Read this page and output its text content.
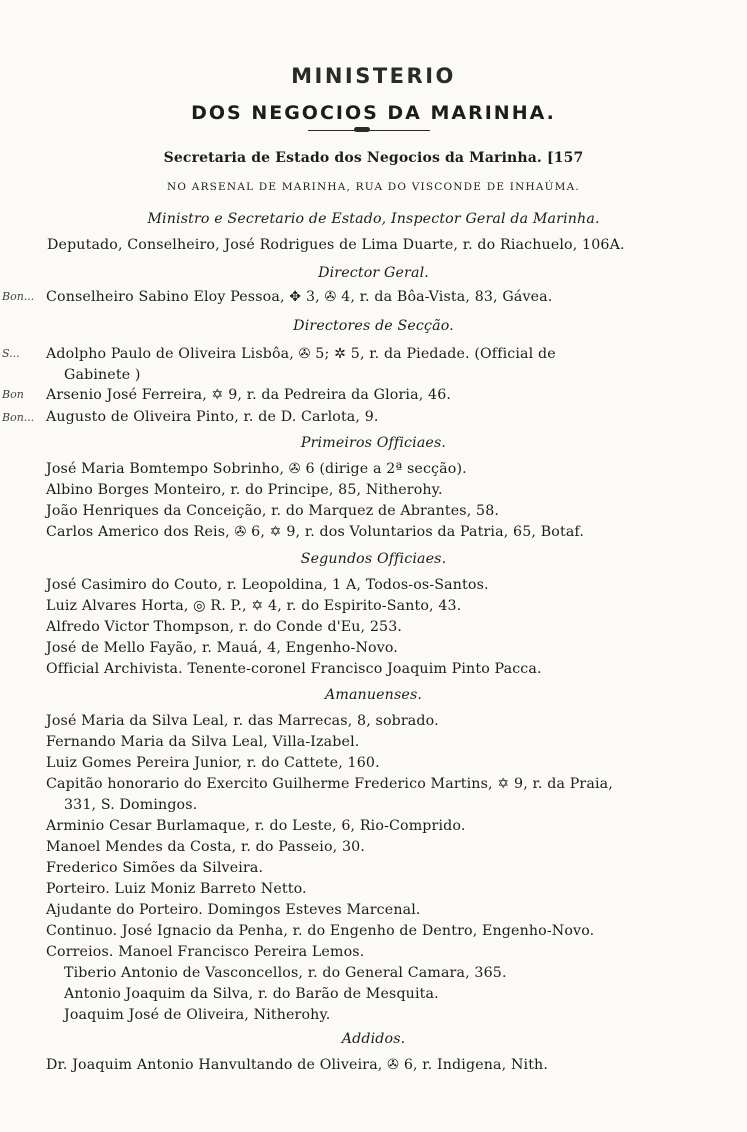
MINISTERIO
DOS NEGOCIOS DA MARINHA.
Secretaria de Estado dos Negocios da Marinha. [157
NO ARSENAL DE MARINHA, RUA DO VISCONDE DE INHAÚMA.
Ministro e Secretario de Estado, Inspector Geral da Marinha.
Deputado, Conselheiro, José Rodrigues de Lima Duarte, r. do Riachuelo, 106A.
Director Geral.
Bon... Conselheiro Sabino Eloy Pessoa, ✥ 3, ✇ 4, r. da Bôa-Vista, 83, Gávea.
Directores de Secção.
S... Adolpho Paulo de Oliveira Lisbôa, ✇ 5; ✲ 5, r. da Piedade. (Official de
Gabinete )
Bon Arsenio José Ferreira, ✡ 9, r. da Pedreira da Gloria, 46.
Bon... Augusto de Oliveira Pinto, r. de D. Carlota, 9.
Primeiros Officiaes.
José Maria Bomtempo Sobrinho, ✇ 6 (dirige a 2ª secção).
Albino Borges Monteiro, r. do Principe, 85, Nitherohy.
João Henriques da Conceição, r. do Marquez de Abrantes, 58.
Carlos Americo dos Reis, ✇ 6, ✡ 9, r. dos Voluntarios da Patria, 65, Botaf.
Segundos Officiaes.
José Casimiro do Couto, r. Leopoldina, 1 A, Todos-os-Santos.
Luiz Alvares Horta, ◎ R. P., ✡ 4, r. do Espirito-Santo, 43.
Alfredo Victor Thompson, r. do Conde d'Eu, 253.
José de Mello Fayão, r. Mauá, 4, Engenho-Novo.
Official Archivista. Tenente-coronel Francisco Joaquim Pinto Pacca.
Amanuenses.
José Maria da Silva Leal, r. das Marrecas, 8, sobrado.
Fernando Maria da Silva Leal, Villa-Izabel.
Luiz Gomes Pereira Junior, r. do Cattete, 160.
Capitão honorario do Exercito Guilherme Frederico Martins, ✡ 9, r. da Praia,
331, S. Domingos.
Arminio Cesar Burlamaque, r. do Leste, 6, Rio-Comprido.
Manoel Mendes da Costa, r. do Passeio, 30.
Frederico Simões da Silveira.
Porteiro. Luiz Moniz Barreto Netto.
Ajudante do Porteiro. Domingos Esteves Marcenal.
Continuo. José Ignacio da Penha, r. do Engenho de Dentro, Engenho-Novo.
Correios. Manoel Francisco Pereira Lemos.
Tiberio Antonio de Vasconcellos, r. do General Camara, 365.
Antonio Joaquim da Silva, r. do Barão de Mesquita.
Joaquim José de Oliveira, Nitherohy.
Addidos.
Dr. Joaquim Antonio Hanvultando de Oliveira, ✇ 6, r. Indigena, Nith.
